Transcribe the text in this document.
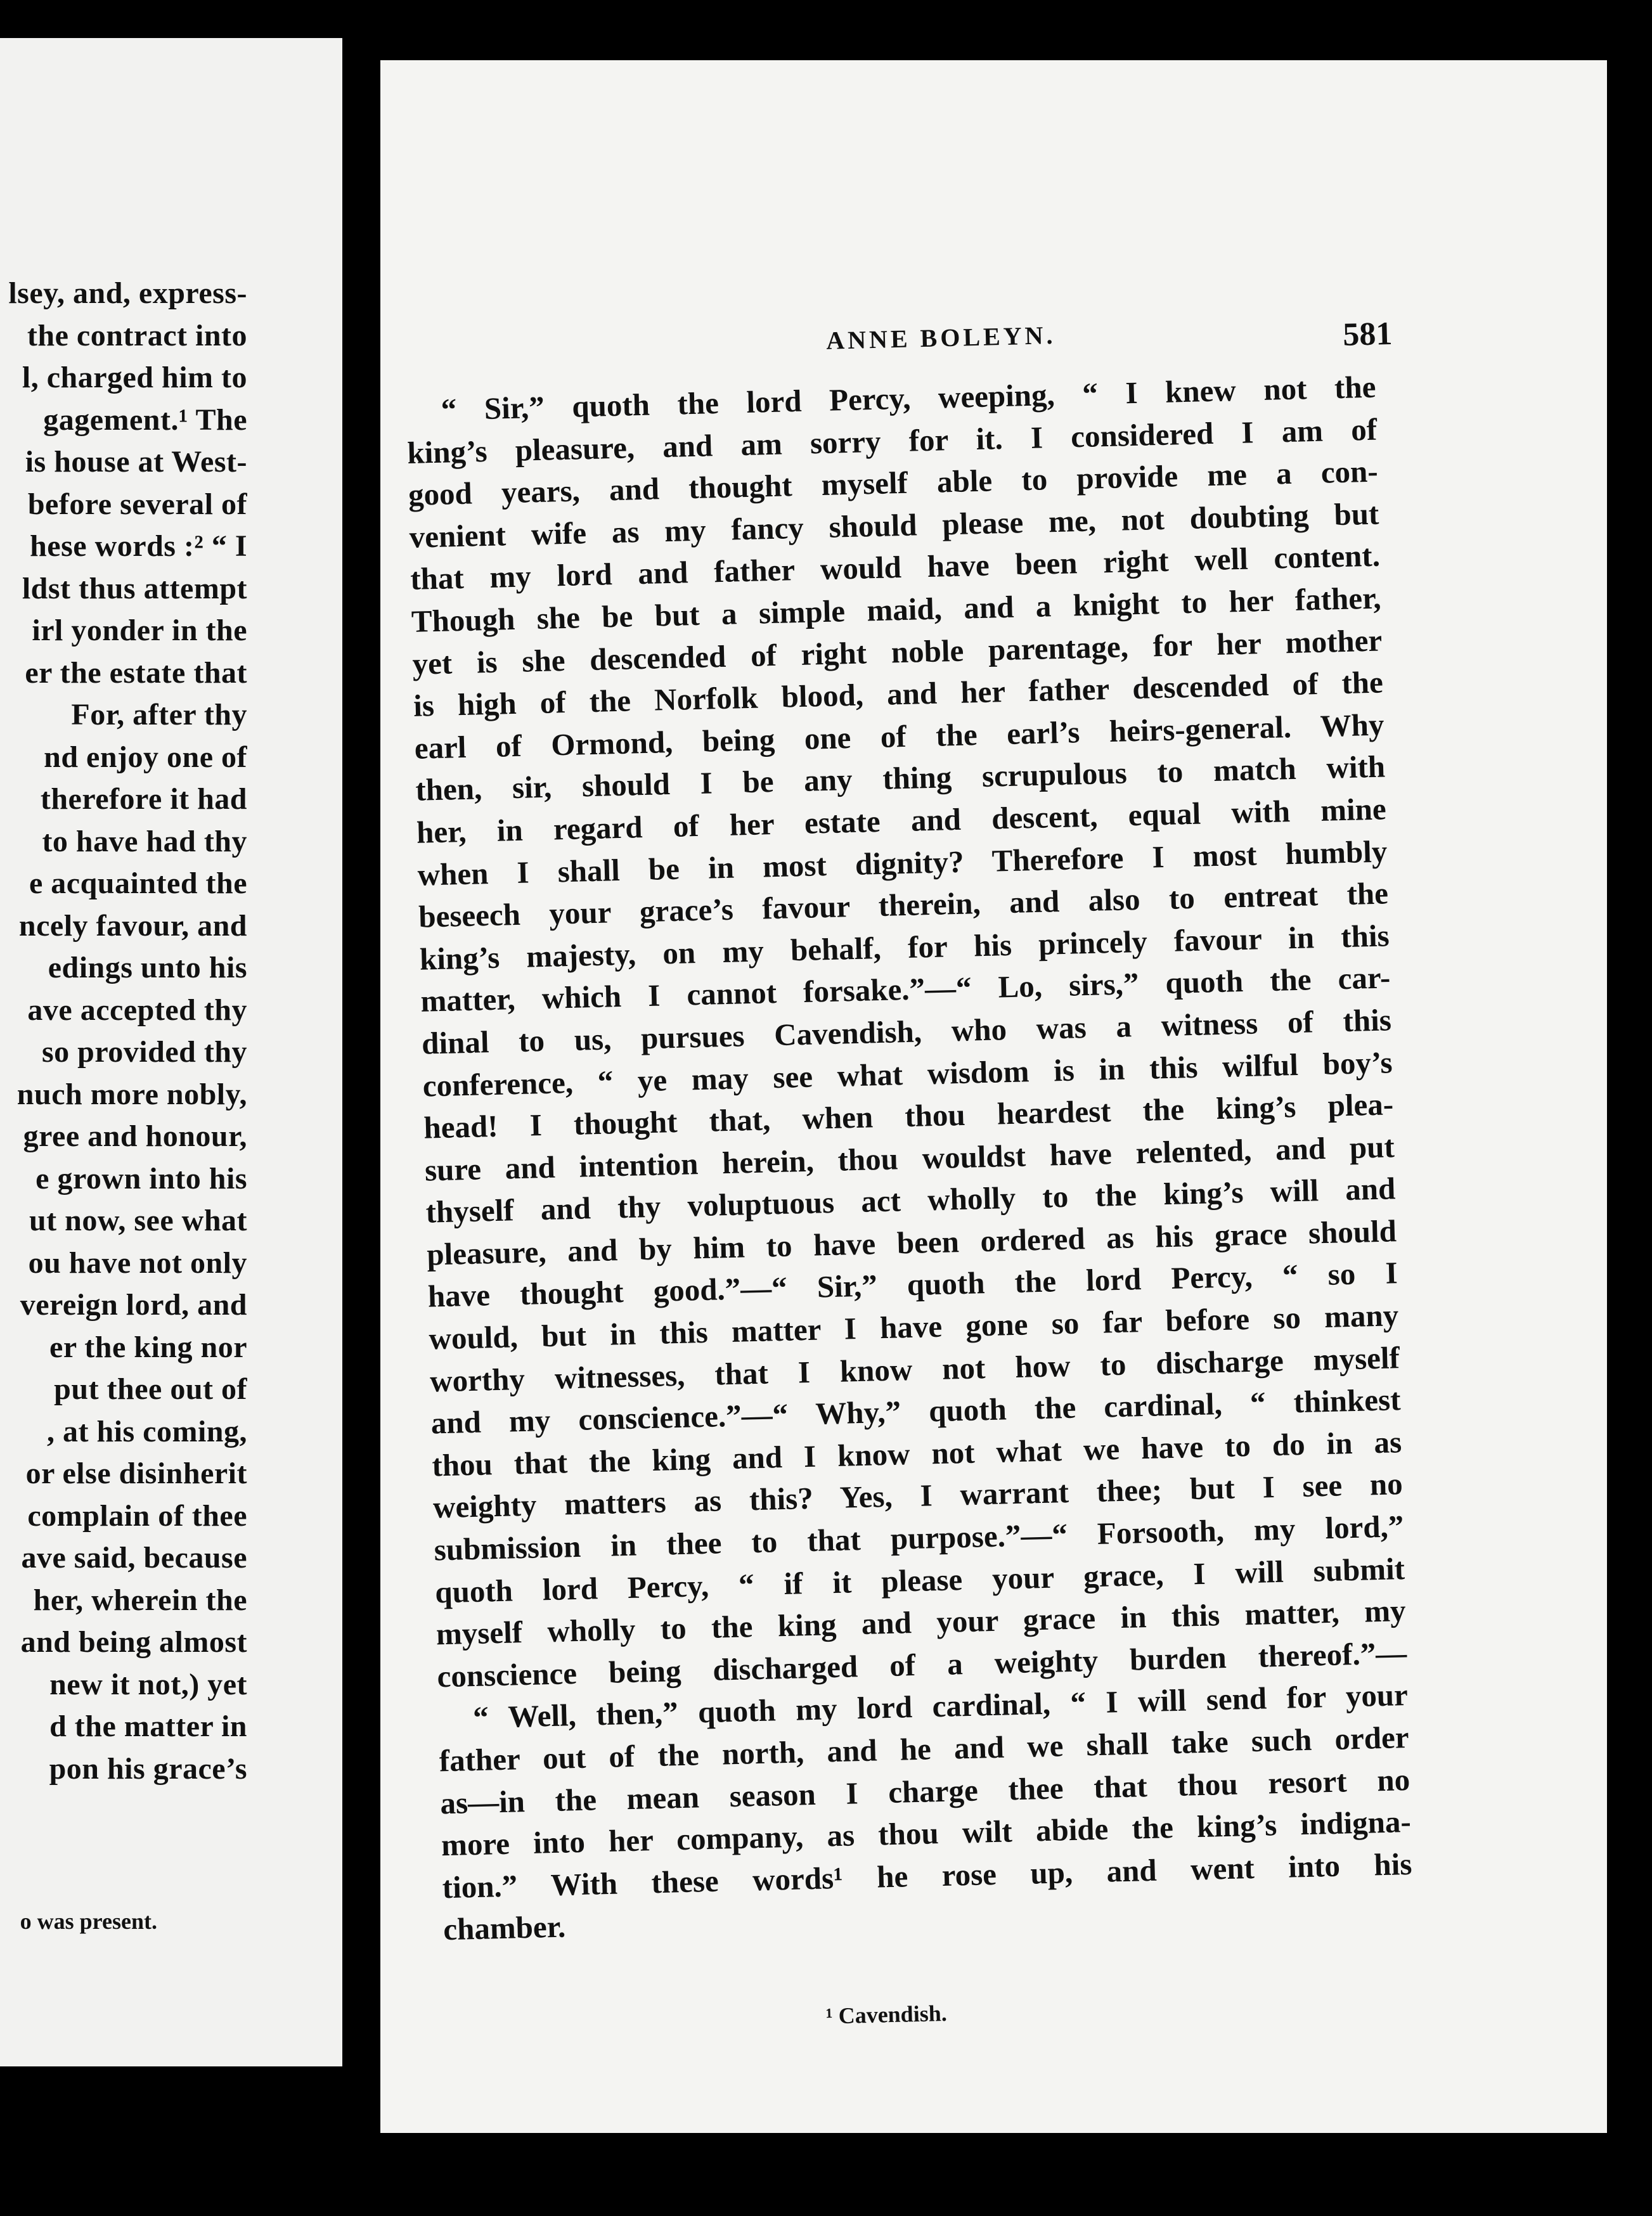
lsey, and, express-
the contract into
l, charged him to
gagement.¹ The
is house at West-
before several of
hese words :² “ I
ldst thus attempt
irl yonder in the
er the estate that
For, after thy
nd enjoy one of
therefore it had
to have had thy
e acquainted the
ncely favour, and
edings unto his
ave accepted thy
so provided thy
nuch more nobly,
gree and honour,
e grown into his
ut now, see what
ou have not only
vereign lord, and
er the king nor
put thee out of
, at his coming,
or else disinherit
complain of thee
ave said, because
her, wherein the
and being almost
new it not,) yet
d the matter in
pon his grace’s
o was present.
ANNE BOLEYN.	581
“ Sir,” quoth the lord Percy, weeping, “ I knew not the
king’s pleasure, and am sorry for it. I considered I am of
good years, and thought myself able to provide me a con-
venient wife as my fancy should please me, not doubting but
that my lord and father would have been right well content.
Though she be but a simple maid, and a knight to her father,
yet is she descended of right noble parentage, for her mother
is high of the Norfolk blood, and her father descended of the
earl of Ormond, being one of the earl’s heirs-general. Why
then, sir, should I be any thing scrupulous to match with
her, in regard of her estate and descent, equal with mine
when I shall be in most dignity? Therefore I most humbly
beseech your grace’s favour therein, and also to entreat the
king’s majesty, on my behalf, for his princely favour in this
matter, which I cannot forsake.”—“ Lo, sirs,” quoth the car-
dinal to us, pursues Cavendish, who was a witness of this
conference, “ ye may see what wisdom is in this wilful boy’s
head! I thought that, when thou heardest the king’s plea-
sure and intention herein, thou wouldst have relented, and put
thyself and thy voluptuous act wholly to the king’s will and
pleasure, and by him to have been ordered as his grace should
have thought good.”—“ Sir,” quoth the lord Percy, “ so I
would, but in this matter I have gone so far before so many
worthy witnesses, that I know not how to discharge myself
and my conscience.”—“ Why,” quoth the cardinal, “ thinkest
thou that the king and I know not what we have to do in as
weighty matters as this? Yes, I warrant thee; but I see no
submission in thee to that purpose.”—“ Forsooth, my lord,”
quoth lord Percy, “ if it please your grace, I will submit
myself wholly to the king and your grace in this matter, my
conscience being discharged of a weighty burden thereof.”—
“ Well, then,” quoth my lord cardinal, “ I will send for your
father out of the north, and he and we shall take such order
as—in the mean season I charge thee that thou resort no
more into her company, as thou wilt abide the king’s indigna-
tion.” With these words¹ he rose up, and went into his
chamber.
¹ Cavendish.
